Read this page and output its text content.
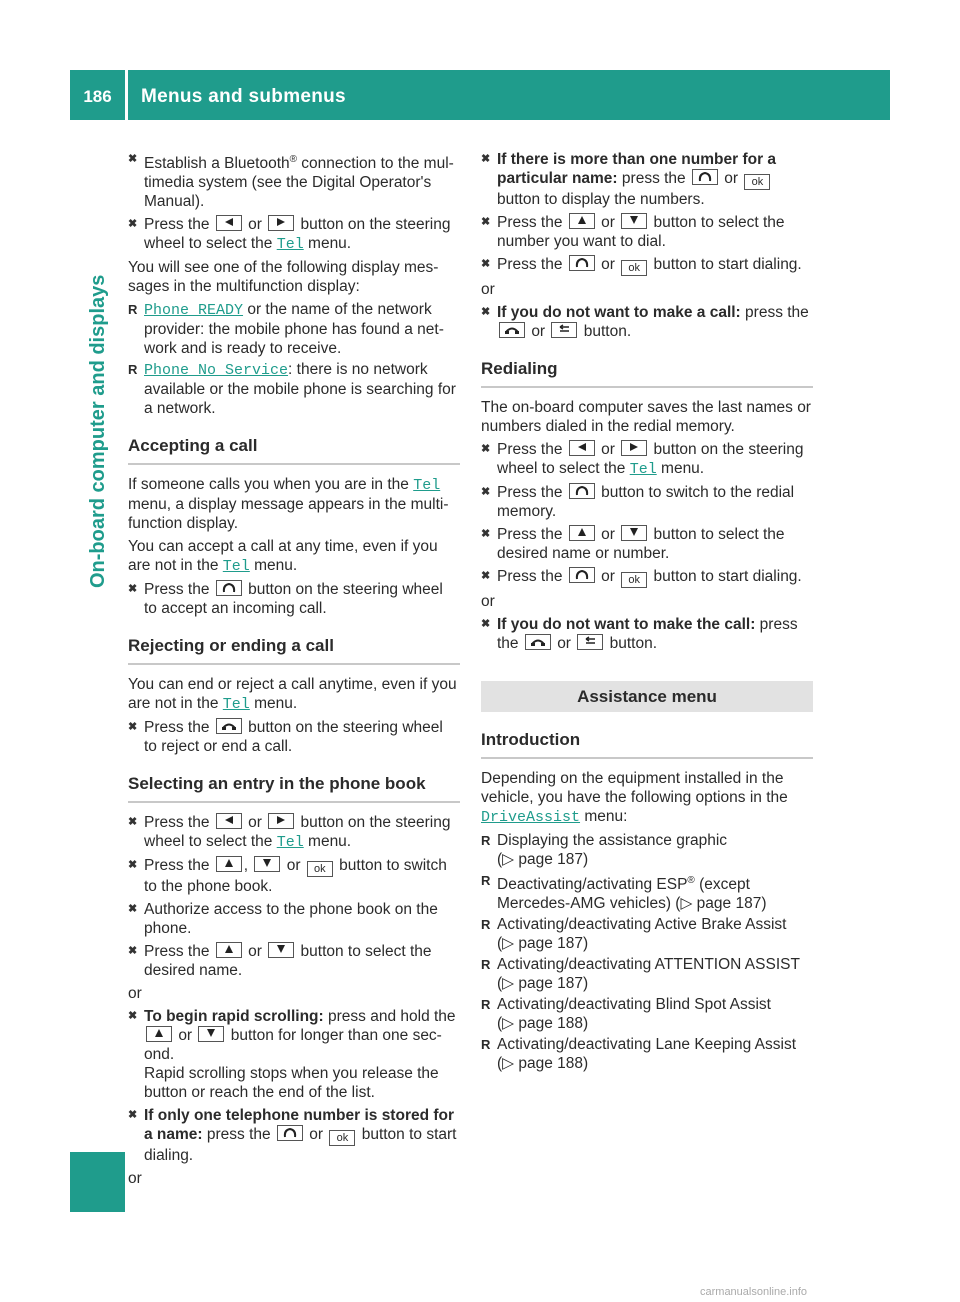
186	Menus and submenus
On-board computer and displays
✖ Establish a Bluetooth® connection to the mul-timedia system (see the Digital Operator's Manual).
✖ Press the or button on the steering wheel to select the Tel menu.

You will see one of the following display mes-sages in the multifunction display:

R Phone READY or the name of the network provider: the mobile phone has found a net-work and is ready to receive.
R Phone No Service: there is no network available or the mobile phone is searching for a network.
Accepting a call

If someone calls you when you are in the Tel menu, a display message appears in the multi-function display.

You can accept a call at any time, even if you are not in the Tel menu.

✖ Press the button on the steering wheel to accept an incoming call.
Rejecting or ending a call

You can end or reject a call anytime, even if you are not in the Tel menu.

✖ Press the button on the steering wheel to reject or end a call.
Selecting an entry in the phone book
✖ Press the or button on the steering wheel to select the Tel menu.
✖ Press the , or ok button to switch to the phone book.
✖ Authorize access to the phone book on the phone.
✖ Press the or button to select the desired name.
or
✖ To begin rapid scrolling: press and hold the
or button for longer than one sec-ond.
Rapid scrolling stops when you release the button or reach the end of the list.
✖ If only one telephone number is stored for a name: press the or ok button to start dialing.
or
✖ If there is more than one number for a particular name: press the or ok button to display the numbers.
✖ Press the or button to select the number you want to dial.
✖ Press the or ok button to start dialing.
or
✖ If you do not want to make a call: press the
or button.
Redialing

The on-board computer saves the last names or numbers dialed in the redial memory.

✖ Press the or button on the steering wheel to select the Tel menu.
✖ Press the button to switch to the redial memory.
✖ Press the or button to select the desired name or number.
✖ Press the or ok button to start dialing.
or
✖ If you do not want to make the call: press the or button.
Assistance menu
Introduction

Depending on the equipment installed in the vehicle, you have the following options in the DriveAssist menu:

R Displaying the assistance graphic
(▷ page 187)
R Deactivating/activating ESP® (except Mercedes-AMG vehicles) (▷ page 187)
R Activating/deactivating Active Brake Assist
(▷ page 187)
R Activating/deactivating ATTENTION ASSIST
(▷ page 187)
R Activating/deactivating Blind Spot Assist
(▷ page 188)
R Activating/deactivating Lane Keeping Assist
(▷ page 188)
carmanualsonline.info
